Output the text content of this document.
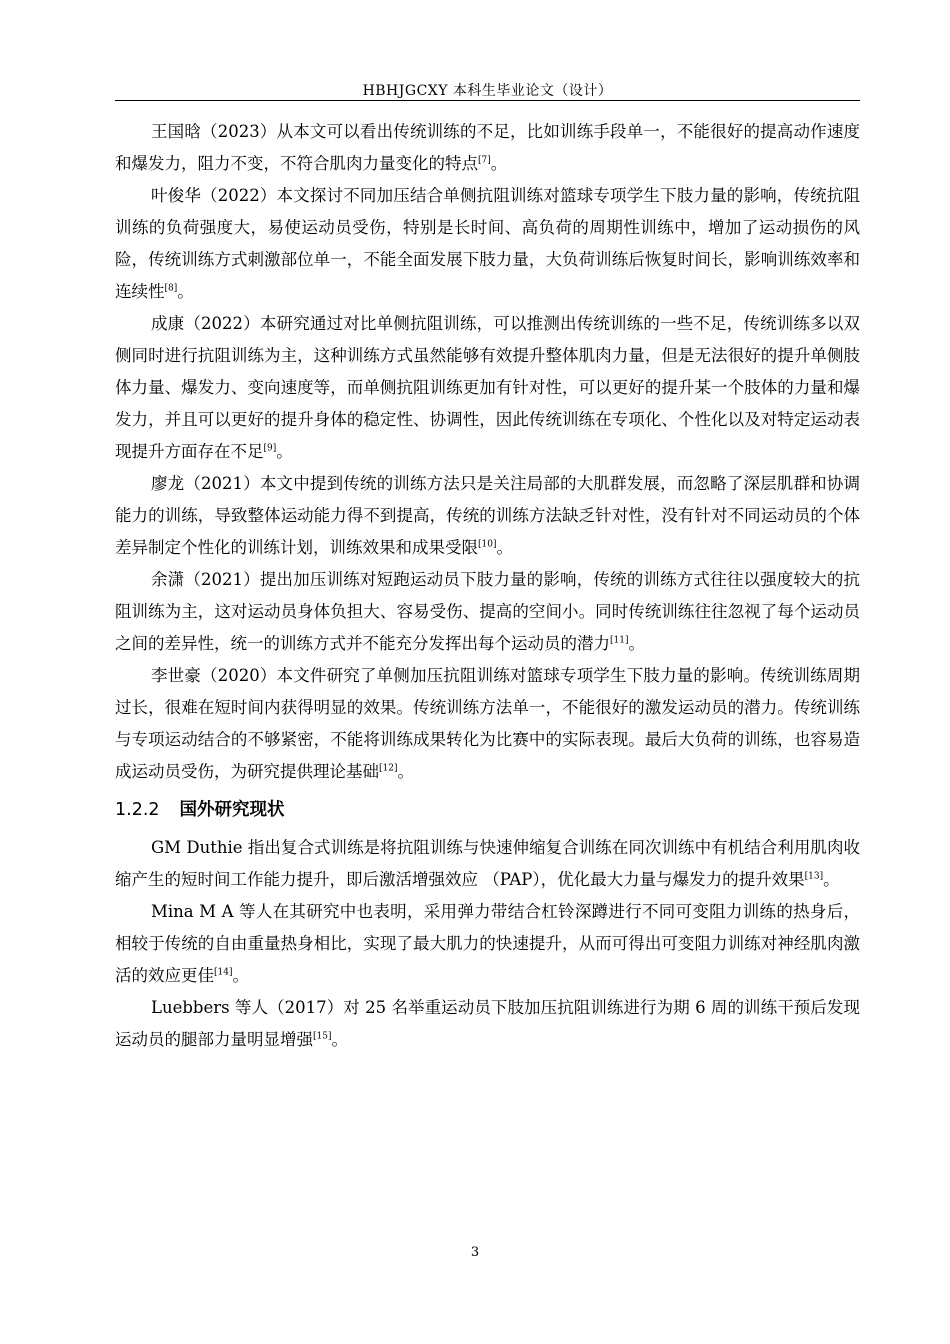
HBHJGCXY 本科生毕业论文（设计）

王国晗（2023）从本文可以看出传统训练的不足，比如训练手段单一，不能很好的提高动作速度和爆发力，阻力不变，不符合肌肉力量变化的特点[7]。

叶俊华（2022）本文探讨不同加压结合单侧抗阻训练对篮球专项学生下肢力量的影响，传统抗阻训练的负荷强度大，易使运动员受伤，特别是长时间、高负荷的周期性训练中，增加了运动损伤的风险，传统训练方式刺激部位单一，不能全面发展下肢力量，大负荷训练后恢复时间长，影响训练效率和连续性[8]。

成康（2022）本研究通过对比单侧抗阻训练，可以推测出传统训练的一些不足，传统训练多以双侧同时进行抗阻训练为主，这种训练方式虽然能够有效提升整体肌肉力量，但是无法很好的提升单侧肢体力量、爆发力、变向速度等，而单侧抗阻训练更加有针对性，可以更好的提升某一个肢体的力量和爆发力，并且可以更好的提升身体的稳定性、协调性，因此传统训练在专项化、个性化以及对特定运动表现提升方面存在不足[9]。

廖龙（2021）本文中提到传统的训练方法只是关注局部的大肌群发展，而忽略了深层肌群和协调能力的训练，导致整体运动能力得不到提高，传统的训练方法缺乏针对性，没有针对不同运动员的个体差异制定个性化的训练计划，训练效果和成果受限[10]。

余潇（2021）提出加压训练对短跑运动员下肢力量的影响，传统的训练方式往往以强度较大的抗阻训练为主，这对运动员身体负担大、容易受伤、提高的空间小。同时传统训练往往忽视了每个运动员之间的差异性，统一的训练方式并不能充分发挥出每个运动员的潜力[11]。

李世豪（2020）本文件研究了单侧加压抗阻训练对篮球专项学生下肢力量的影响。传统训练周期过长，很难在短时间内获得明显的效果。传统训练方法单一，不能很好的激发运动员的潜力。传统训练与专项运动结合的不够紧密，不能将训练成果转化为比赛中的实际表现。最后大负荷的训练，也容易造成运动员受伤，为研究提供理论基础[12]。

1.2.2 国外研究现状

GM Duthie 指出复合式训练是将抗阻训练与快速伸缩复合训练在同次训练中有机结合利用肌肉收缩产生的短时间工作能力提升，即后激活增强效应 （PAP），优化最大力量与爆发力的提升效果[13]。

Mina M A 等人在其研究中也表明，采用弹力带结合杠铃深蹲进行不同可变阻力训练的热身后，相较于传统的自由重量热身相比，实现了最大肌力的快速提升，从而可得出可变阻力训练对神经肌肉激活的效应更佳[14]。

Luebbers 等人（2017）对 25 名举重运动员下肢加压抗阻训练进行为期 6 周的训练干预后发现运动员的腿部力量明显增强[15]。

3
